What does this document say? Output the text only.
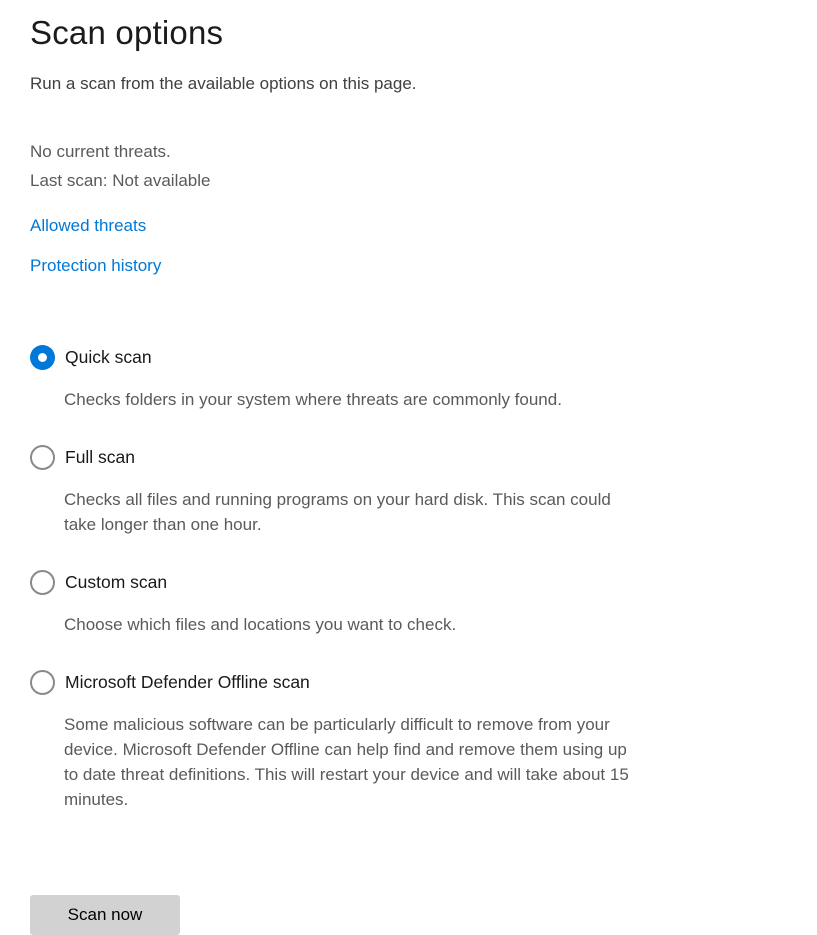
Scan options
Run a scan from the available options on this page.
No current threats.
Last scan: Not available
Allowed threats
Protection history
Quick scan
Checks folders in your system where threats are commonly found.
Full scan
Checks all files and running programs on your hard disk. This scan could take longer than one hour.
Custom scan
Choose which files and locations you want to check.
Microsoft Defender Offline scan
Some malicious software can be particularly difficult to remove from your device. Microsoft Defender Offline can help find and remove them using up to date threat definitions. This will restart your device and will take about 15 minutes.
Scan now
